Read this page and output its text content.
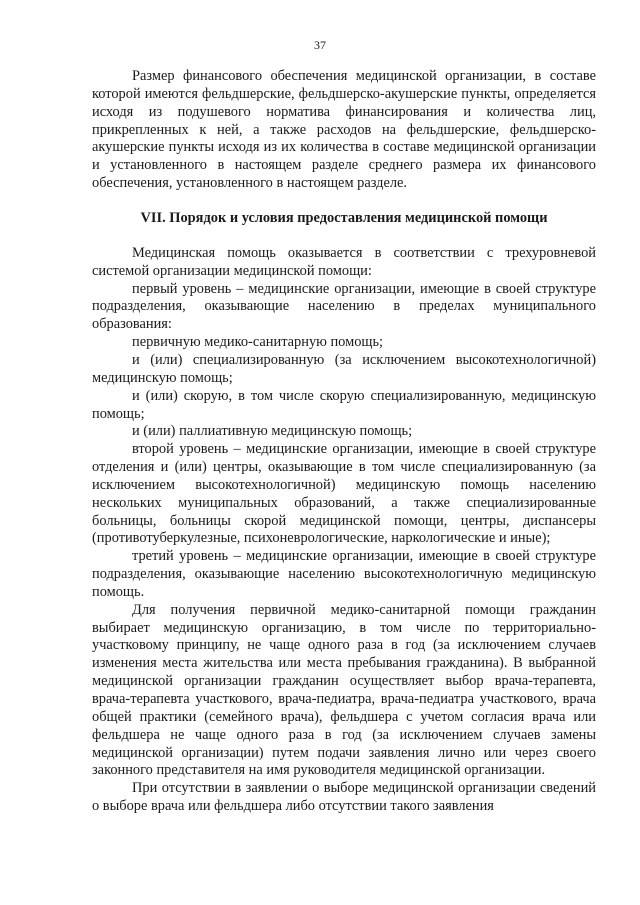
37

Размер финансового обеспечения медицинской организации, в составе которой имеются фельдшерские, фельдшерско-акушерские пункты, определяется исходя из подушевого норматива финансирования и количества лиц, прикрепленных к ней, а также расходов на фельдшерские, фельдшерско-акушерские пункты исходя из их количества в составе медицинской организации и установленного в настоящем разделе среднего размера их финансового обеспечения, установленного в настоящем разделе.

VII. Порядок и условия предоставления медицинской помощи

Медицинская помощь оказывается в соответствии с трехуровневой системой организации медицинской помощи:

первый уровень – медицинские организации, имеющие в своей структуре подразделения, оказывающие населению в пределах муниципального образования:

первичную медико-санитарную помощь;

и (или) специализированную (за исключением высокотехнологичной) медицинскую помощь;

и (или) скорую, в том числе скорую специализированную, медицинскую помощь;

и (или) паллиативную медицинскую помощь;

второй уровень – медицинские организации, имеющие в своей структуре отделения и (или) центры, оказывающие в том числе специализированную (за исключением высокотехнологичной) медицинскую помощь населению нескольких муниципальных образований, а также специализированные больницы, больницы скорой медицинской помощи, центры, диспансеры (противотуберкулезные, психоневрологические, наркологические и иные);

третий уровень – медицинские организации, имеющие в своей структуре подразделения, оказывающие населению высокотехнологичную медицинскую помощь.

Для получения первичной медико-санитарной помощи гражданин выбирает медицинскую организацию, в том числе по территориально-участковому принципу, не чаще одного раза в год (за исключением случаев изменения места жительства или места пребывания гражданина). В выбранной медицинской организации гражданин осуществляет выбор врача-терапевта, врача-терапевта участкового, врача-педиатра, врача-педиатра участкового, врача общей практики (семейного врача), фельдшера с учетом согласия врача или фельдшера не чаще одного раза в год (за исключением случаев замены медицинской организации) путем подачи заявления лично или через своего законного представителя на имя руководителя медицинской организации.

При отсутствии в заявлении о выборе медицинской организации сведений о выборе врача или фельдшера либо отсутствии такого заявления
